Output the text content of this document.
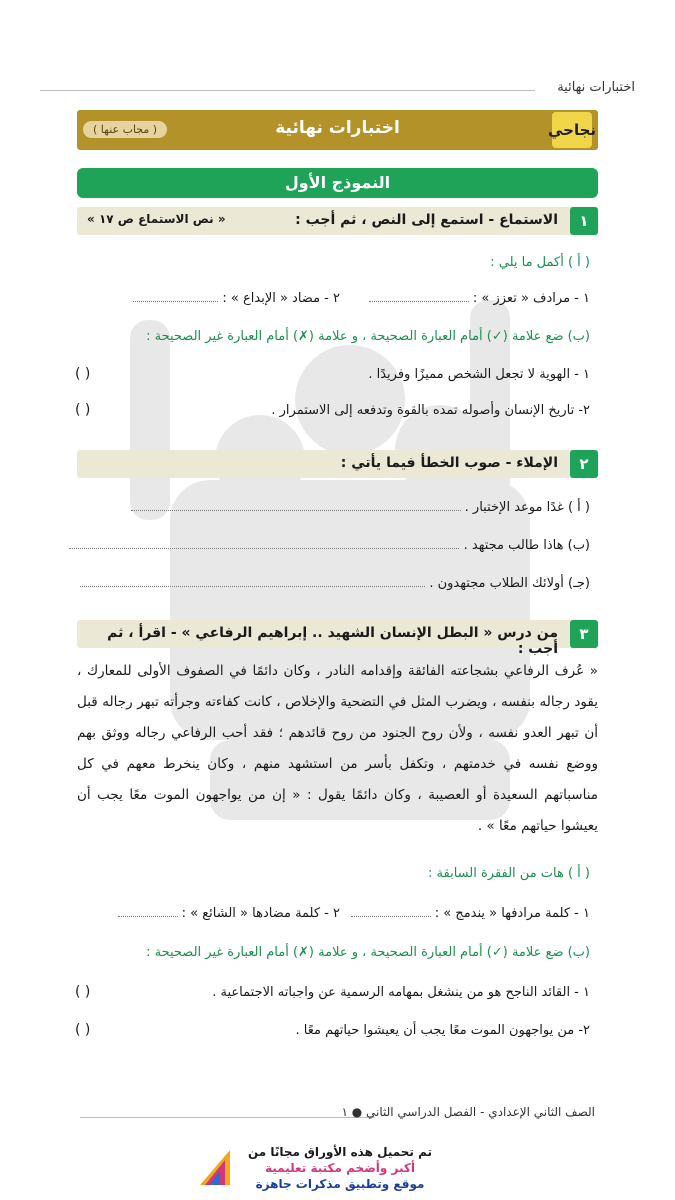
اختبارات نهائية
نجاحي
اختبارات نهائية
( مجاب عنها )
النموذج الأول
١
الاستماع - استمع إلى النص ، ثم أجب :
« نص الاستماع ص ١٧ »
( أ ) أكمل ما يلي :
١ - مرادف « تعزز » :
٢ - مضاد « الإبداع » :
(ب) ضع علامة (✓) أمام العبارة الصحيحة ، و علامة (✗) أمام العبارة غير الصحيحة :
١ - الهوية لا تجعل الشخص مميزًا وفريدًا .
( )
٢- تاريخ الإنسان وأصوله تمده بالقوة وتدفعه إلى الاستمرار .
( )
٢
الإملاء - صوب الخطأ فيما يأتي :
( أ ) غدًا موعد الإختبار .
(ب) هاذا طالب مجتهد .
(جـ) أولائك الطلاب مجتهدون .
٣
من درس « البطل الإنسان الشهيد .. إبراهيم الرفاعي » - اقرأ ، ثم أجب :
« عُرف الرفاعي بشجاعته الفائقة وإقدامه النادر ، وكان دائمًا في الصفوف الأولى للمعارك ، يقود رجاله بنفسه ، ويضرب المثل في التضحية والإخلاص ، كانت كفاءته وجرأته تبهر رجاله قبل أن تبهر العدو نفسه ، ولأن روح الجنود من روح قائدهم ؛ فقد أحب الرفاعي رجاله ووثق بهم ووضع نفسه في خدمتهم ، وتكفل بأسر من استشهد منهم ، وكان ينخرط معهم في كل مناسباتهم السعيدة أو العصيبة ، وكان دائمًا يقول : « إن من يواجهون الموت معًا يجب أن يعيشوا حياتهم معًا » .
( أ ) هات من الفقرة السابقة :
١ - كلمة مرادفها « يندمج » :
٢ - كلمة مضادها « الشائع » :
(ب) ضع علامة (✓) أمام العبارة الصحيحة ، و علامة (✗) أمام العبارة غير الصحيحة :
١ - القائد الناجح هو من ينشغل بمهامه الرسمية عن واجباته الاجتماعية .
( )
٢- من يواجهون الموت معًا يجب أن يعيشوا حياتهم معًا .
( )
الصف الثاني الإعدادي - الفصل الدراسي الثاني ● ١
تم تحميل هذه الأوراق مجانًا من
أكبر وأضخم مكتبة تعليمية
موقع وتطبيق مذكرات جاهزة
